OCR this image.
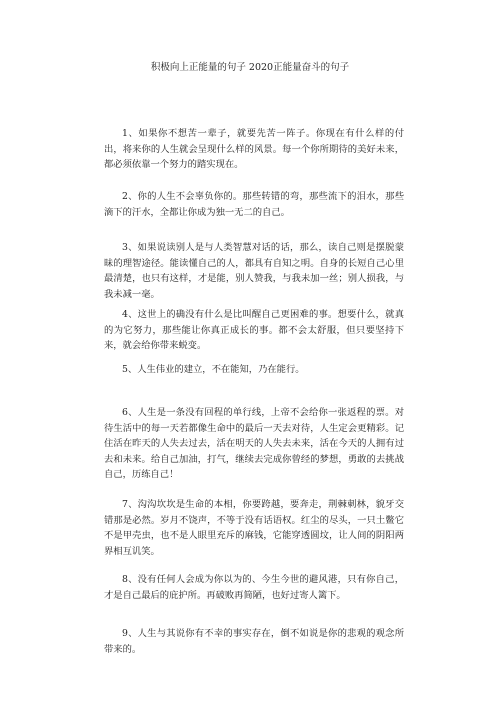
积极向上正能量的句子 2020正能量奋斗的句子
1、如果你不想苦一辈子，就要先苦一阵子。你现在有什么样的付出，将来你的人生就会呈现什么样的风景。每一个你所期待的美好未来，都必须依靠一个努力的踏实现在。
2、你的人生不会辜负你的。那些转错的弯，那些流下的泪水，那些滴下的汗水，全都让你成为独一无二的自己。
3、如果说读别人是与人类智慧对话的话，那么，读自己则是摆脱蒙昧的理智途径。能读懂自己的人，都具有自知之明。自身的长短自己心里最清楚，也只有这样，才是能，别人赞我，与我未加一丝；别人损我，与我未减一毫。
4、这世上的确没有什么是比叫醒自己更困难的事。想要什么，就真的为它努力，那些能让你真正成长的事。都不会太舒服，但只要坚持下来，就会给你带来蜕变。
5、人生伟业的建立，不在能知，乃在能行。
6、人生是一条没有回程的单行线，上帝不会给你一张返程的票。对待生活中的每一天若都像生命中的最后一天去对待，人生定会更精彩。记住活在昨天的人失去过去，活在明天的人失去未来，活在今天的人拥有过去和未来。给自己加油，打气，继续去完成你曾经的梦想，勇敢的去挑战自己，历练自己！
7、沟沟坎坎是生命的本相，你要跨越，要奔走，荆棘刺林，貌牙交错那是必然。岁月不饶声，不等于没有话语权。红尘的尽头，一只土鳖它不是甲壳虫，也不是人眼里充斥的麻钱，它能穿透圆坟，让人间的阴阳两界相互讥笑。
8、没有任何人会成为你以为的、今生今世的避风港，只有你自己，才是自己最后的庇护所。再破败再简陋，也好过寄人篱下。
9、人生与其说你有不幸的事实存在，倒不如说是你的悲观的观念所带来的。
